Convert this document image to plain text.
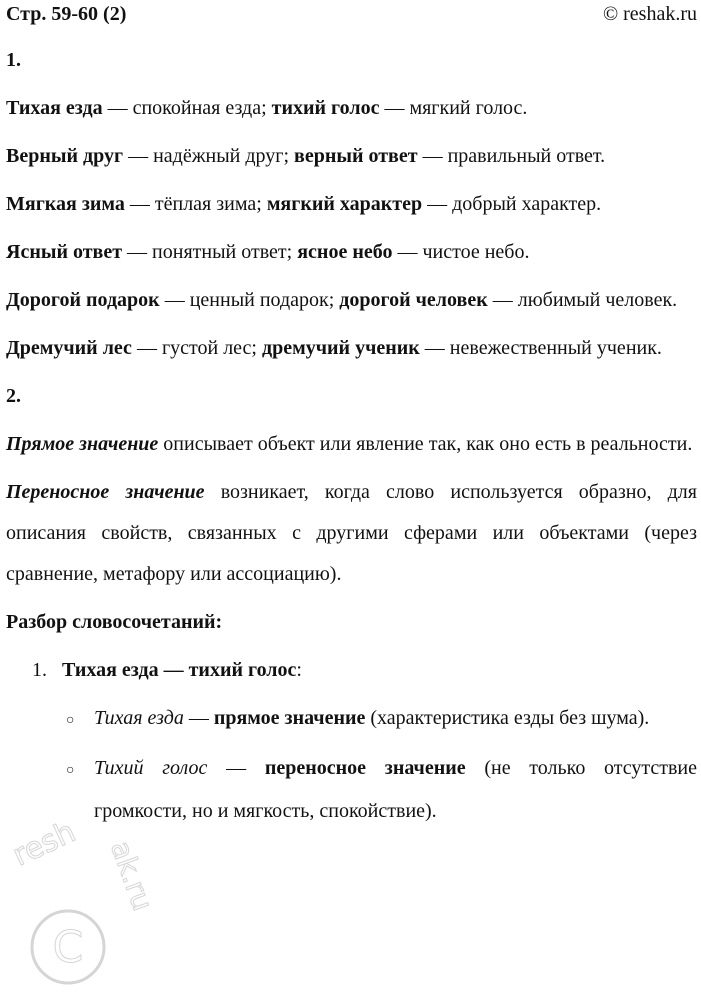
Стр. 59-60 (2)	© reshak.ru
1.
Тихая езда — спокойная езда; тихий голос — мягкий голос.
Верный друг — надёжный друг; верный ответ — правильный ответ.
Мягкая зима — тёплая зима; мягкий характер — добрый характер.
Ясный ответ — понятный ответ; ясное небо — чистое небо.
Дорогой подарок — ценный подарок; дорогой человек — любимый человек.
Дремучий лес — густой лес; дремучий ученик — невежественный ученик.
2.
Прямое значение описывает объект или явление так, как оно есть в реальности.
Переносное значение возникает, когда слово используется образно, для описания свойств, связанных с другими сферами или объектами (через сравнение, метафору или ассоциацию).
Разбор словосочетаний:
1. Тихая езда — тихий голос:
○ Тихая езда — прямое значение (характеристика езды без шума).
○ Тихий голос — переносное значение (не только отсутствие громкости, но и мягкость, спокойствие).
C
resh ak.ru
